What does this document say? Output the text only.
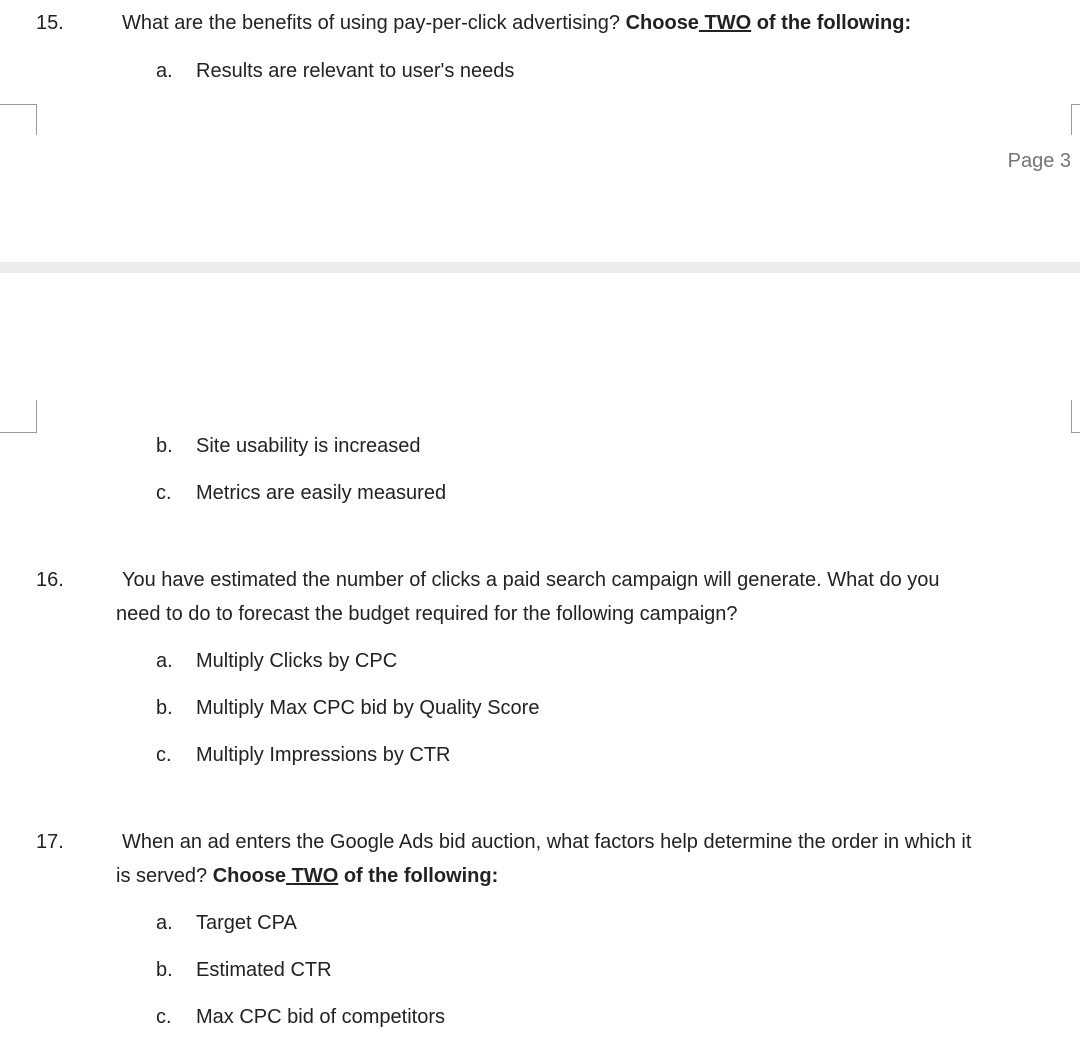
15.	What are the benefits of using pay-per-click advertising? Choose TWO of the following:
a. Results are relevant to user's needs
Page 3
b. Site usability is increased
c. Metrics are easily measured
16.	You have estimated the number of clicks a paid search campaign will generate. What do you
need to do to forecast the budget required for the following campaign?
a. Multiply Clicks by CPC
b. Multiply Max CPC bid by Quality Score
c. Multiply Impressions by CTR
17.	When an ad enters the Google Ads bid auction, what factors help determine the order in which it
is served? Choose TWO of the following:
a. Target CPA
b. Estimated CTR
c. Max CPC bid of competitors
